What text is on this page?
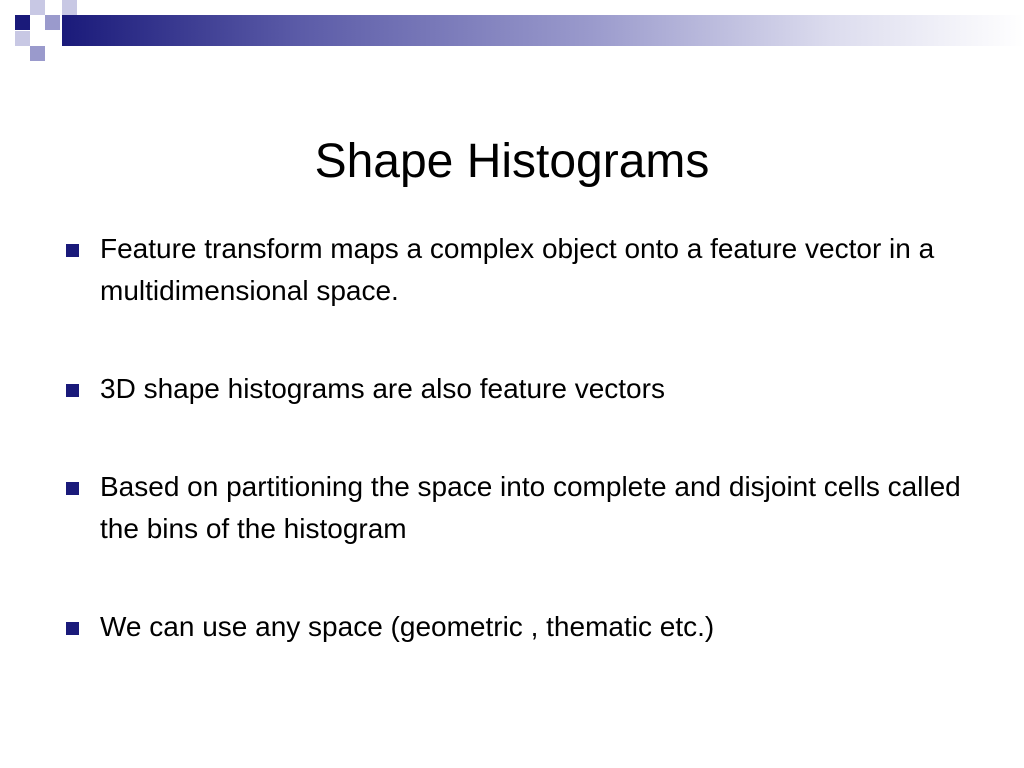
Shape Histograms
Feature transform maps a complex object onto a feature vector in a multidimensional space.
3D shape histograms are also feature vectors
Based on partitioning the space into complete and disjoint cells called the bins of the histogram
We can use any space (geometric , thematic etc.)
